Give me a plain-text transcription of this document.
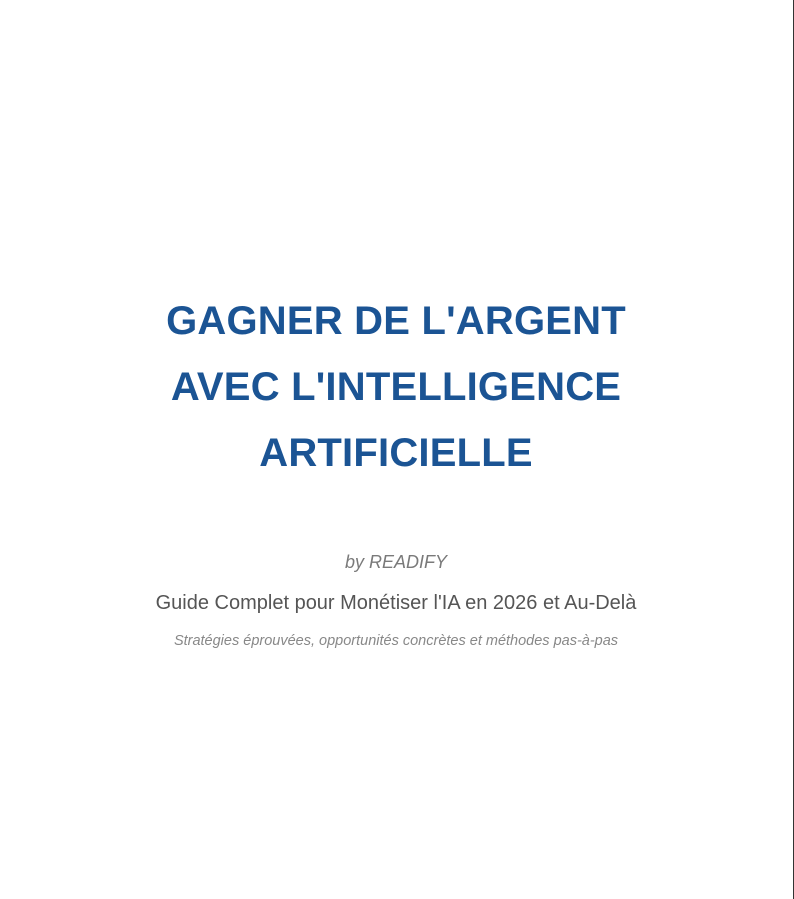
GAGNER DE L'ARGENT
AVEC L'INTELLIGENCE
ARTIFICIELLE
by READIFY
Guide Complet pour Monétiser l'IA en 2026 et Au-Delà
Stratégies éprouvées, opportunités concrètes et méthodes pas-à-pas
